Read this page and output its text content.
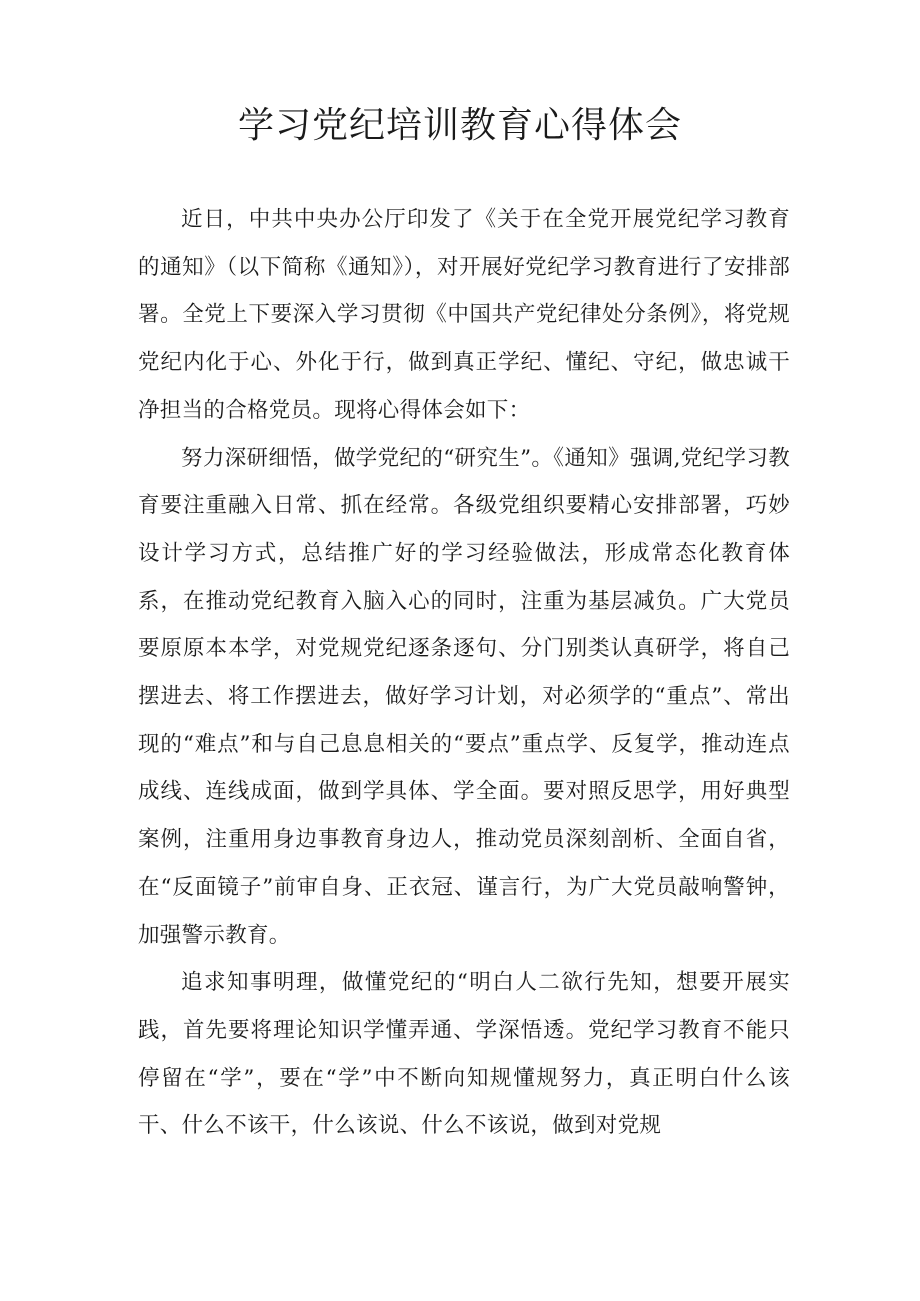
学习党纪培训教育心得体会

近日，中共中央办公厅印发了《关于在全党开展党纪学习教育的通知》（以下简称《通知》），对开展好党纪学习教育进行了安排部署。全党上下要深入学习贯彻《中国共产党纪律处分条例》，将党规党纪内化于心、外化于行，做到真正学纪、懂纪、守纪，做忠诚干净担当的合格党员。现将心得体会如下：

努力深研细悟，做学党纪的“研究生”。《通知》强调,党纪学习教育要注重融入日常、抓在经常。各级党组织要精心安排部署，巧妙设计学习方式，总结推广好的学习经验做法，形成常态化教育体系，在推动党纪教育入脑入心的同时，注重为基层减负。广大党员要原原本本学，对党规党纪逐条逐句、分门别类认真研学，将自己摆进去、将工作摆进去，做好学习计划，对必须学的“重点”、常出现的“难点”和与自己息息相关的“要点”重点学、反复学，推动连点成线、连线成面，做到学具体、学全面。要对照反思学，用好典型案例，注重用身边事教育身边人，推动党员深刻剖析、全面自省，在“反面镜子”前审自身、正衣冠、谨言行，为广大党员敲响警钟，加强警示教育。

追求知事明理，做懂党纪的“明白人二欲行先知，想要开展实践，首先要将理论知识学懂弄通、学深悟透。党纪学习教育不能只停留在“学”，要在“学”中不断向知规懂规努力，真正明白什么该干、什么不该干，什么该说、什么不该说，做到对党规
